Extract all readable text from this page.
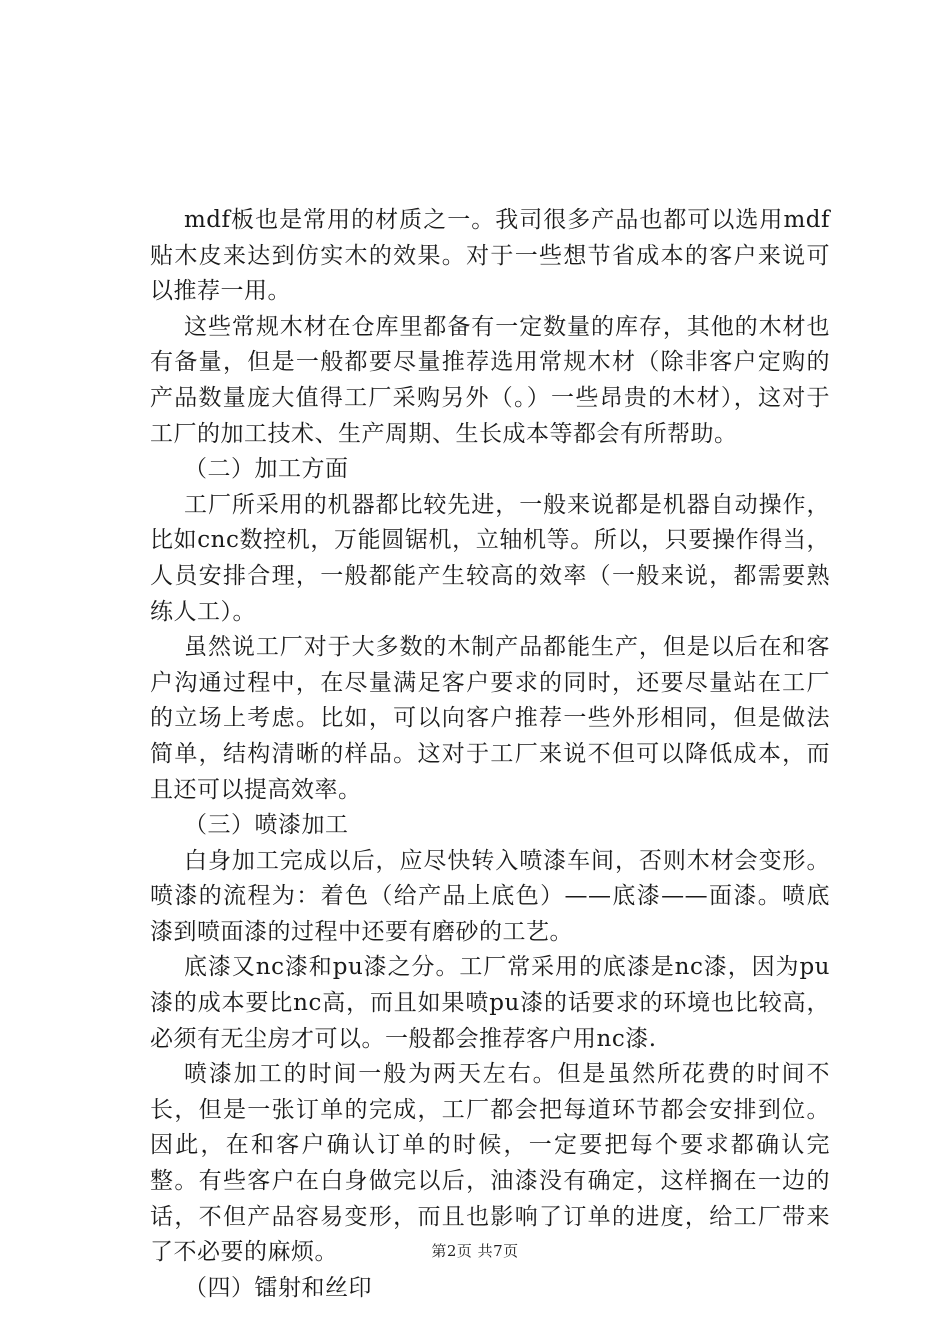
mdf板也是常用的材质之一。我司很多产品也都可以选用mdf贴木皮来达到仿实木的效果。对于一些想节省成本的客户来说可以推荐一用。

这些常规木材在仓库里都备有一定数量的库存，其他的木材也有备量，但是一般都要尽量推荐选用常规木材（除非客户定购的产品数量庞大值得工厂采购另外（。）一些昂贵的木材），这对于工厂的加工技术、生产周期、生长成本等都会有所帮助。

（二）加工方面

工厂所采用的机器都比较先进，一般来说都是机器自动操作，比如cnc数控机，万能圆锯机，立轴机等。所以，只要操作得当，人员安排合理，一般都能产生较高的效率（一般来说，都需要熟练人工）。

虽然说工厂对于大多数的木制产品都能生产，但是以后在和客户沟通过程中，在尽量满足客户要求的同时，还要尽量站在工厂的立场上考虑。比如，可以向客户推荐一些外形相同，但是做法简单，结构清晰的样品。这对于工厂来说不但可以降低成本，而且还可以提高效率。

（三）喷漆加工

白身加工完成以后，应尽快转入喷漆车间，否则木材会变形。喷漆的流程为：着色（给产品上底色）——底漆——面漆。喷底漆到喷面漆的过程中还要有磨砂的工艺。

底漆又nc漆和pu漆之分。工厂常采用的底漆是nc漆，因为pu漆的成本要比nc高，而且如果喷pu漆的话要求的环境也比较高，必须有无尘房才可以。一般都会推荐客户用nc漆.

喷漆加工的时间一般为两天左右。但是虽然所花费的时间不长，但是一张订单的完成，工厂都会把每道环节都会安排到位。因此，在和客户确认订单的时候，一定要把每个要求都确认完整。有些客户在白身做完以后，油漆没有确定，这样搁在一边的话，不但产品容易变形，而且也影响了订单的进度，给工厂带来了不必要的麻烦。

（四）镭射和丝印

第2页 共7页
